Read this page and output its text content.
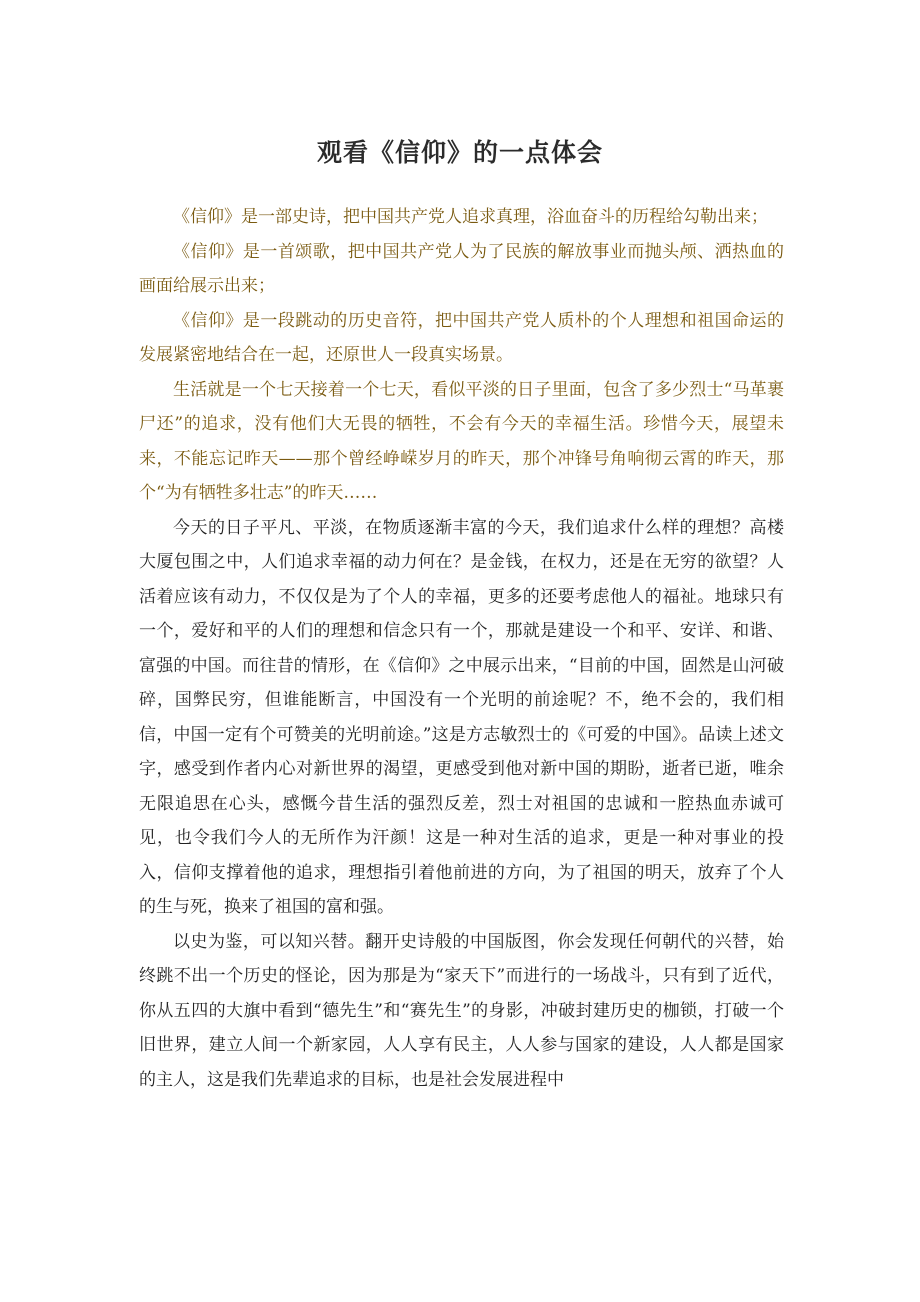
观看《信仰》的一点体会

《信仰》是一部史诗，把中国共产党人追求真理，浴血奋斗的历程给勾勒出来；

《信仰》是一首颂歌，把中国共产党人为了民族的解放事业而抛头颅、洒热血的画面给展示出来；

《信仰》是一段跳动的历史音符，把中国共产党人质朴的个人理想和祖国命运的发展紧密地结合在一起，还原世人一段真实场景。

生活就是一个七天接着一个七天，看似平淡的日子里面，包含了多少烈士“马革裹尸还”的追求，没有他们大无畏的牺牲，不会有今天的幸福生活。珍惜今天，展望未来，不能忘记昨天——那个曾经峥嵘岁月的昨天，那个冲锋号角响彻云霄的昨天，那个“为有牺牲多壮志”的昨天……

今天的日子平凡、平淡，在物质逐渐丰富的今天，我们追求什么样的理想？高楼大厦包围之中，人们追求幸福的动力何在？是金钱，在权力，还是在无穷的欲望？人活着应该有动力，不仅仅是为了个人的幸福，更多的还要考虑他人的福祉。地球只有一个，爱好和平的人们的理想和信念只有一个，那就是建设一个和平、安详、和谐、富强的中国。而往昔的情形，在《信仰》之中展示出来，“目前的中国，固然是山河破碎，国弊民穷，但谁能断言，中国没有一个光明的前途呢？不，绝不会的，我们相信，中国一定有个可赞美的光明前途。”这是方志敏烈士的《可爱的中国》。品读上述文字，感受到作者内心对新世界的渴望，更感受到他对新中国的期盼，逝者已逝，唯余无限追思在心头，感慨今昔生活的强烈反差，烈士对祖国的忠诚和一腔热血赤诚可见，也令我们今人的无所作为汗颜！这是一种对生活的追求，更是一种对事业的投入，信仰支撑着他的追求，理想指引着他前进的方向，为了祖国的明天，放弃了个人的生与死，换来了祖国的富和强。

以史为鉴，可以知兴替。翻开史诗般的中国版图，你会发现任何朝代的兴替，始终跳不出一个历史的怪论，因为那是为“家天下”而进行的一场战斗，只有到了近代，你从五四的大旗中看到“德先生”和“赛先生”的身影，冲破封建历史的枷锁，打破一个旧世界，建立人间一个新家园，人人享有民主，人人参与国家的建设，人人都是国家的主人，这是我们先辈追求的目标，也是社会发展进程中
